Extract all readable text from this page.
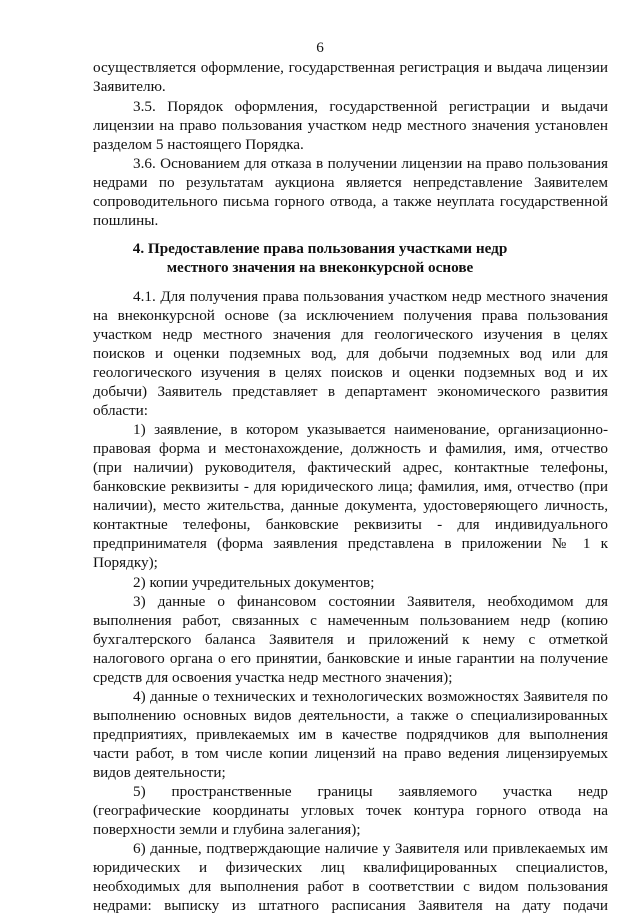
6
осуществляется оформление, государственная регистрация и выдача лицензии
Заявителю.
3.5. Порядок оформления, государственной регистрации и выдачи
лицензии на право пользования участком недр местного значения установлен
разделом 5 настоящего Порядка.
3.6. Основанием для отказа в получении лицензии на право пользования
недрами по результатам аукциона является непредставление Заявителем
сопроводительного письма горного отвода, а также неуплата государственной
пошлины.
4. Предоставление права пользования участками недр
местного значения на внеконкурсной основе
4.1. Для получения права пользования участком недр местного значения
на внеконкурсной основе (за исключением получения права пользования
участком недр местного значения для геологического изучения в целях
поисков и оценки подземных вод, для добычи подземных вод или для
геологического изучения в целях поисков и оценки подземных вод и их
добычи) Заявитель представляет в департамент экономического развития
области:
1) заявление, в котором указывается наименование, организационно-
правовая форма и местонахождение, должность и фамилия, имя, отчество
(при наличии) руководителя, фактический адрес, контактные телефоны,
банковские реквизиты - для юридического лица; фамилия, имя, отчество (при
наличии), место жительства, данные документа, удостоверяющего личность,
контактные телефоны, банковские реквизиты - для индивидуального
предпринимателя (форма заявления представлена в приложении № 1 к
Порядку);
2) копии учредительных документов;
3) данные о финансовом состоянии Заявителя, необходимом для
выполнения работ, связанных с намеченным пользованием недр (копию
бухгалтерского баланса Заявителя и приложений к нему с отметкой
налогового органа о его принятии, банковские и иные гарантии на получение
средств для освоения участка недр местного значения);
4) данные о технических и технологических возможностях Заявителя по
выполнению основных видов деятельности, а также о специализированных
предприятиях, привлекаемых им в качестве подрядчиков для выполнения
части работ, в том числе копии лицензий на право ведения лицензируемых
видов деятельности;
5) пространственные границы заявляемого участка недр
(географические координаты угловых точек контура горного отвода на
поверхности земли и глубина залегания);
6) данные, подтверждающие наличие у Заявителя или привлекаемых им
юридических и физических лиц квалифицированных специалистов,
необходимых для выполнения работ в соответствии с видом пользования
недрами: выписку из штатного расписания Заявителя на дату подачи
